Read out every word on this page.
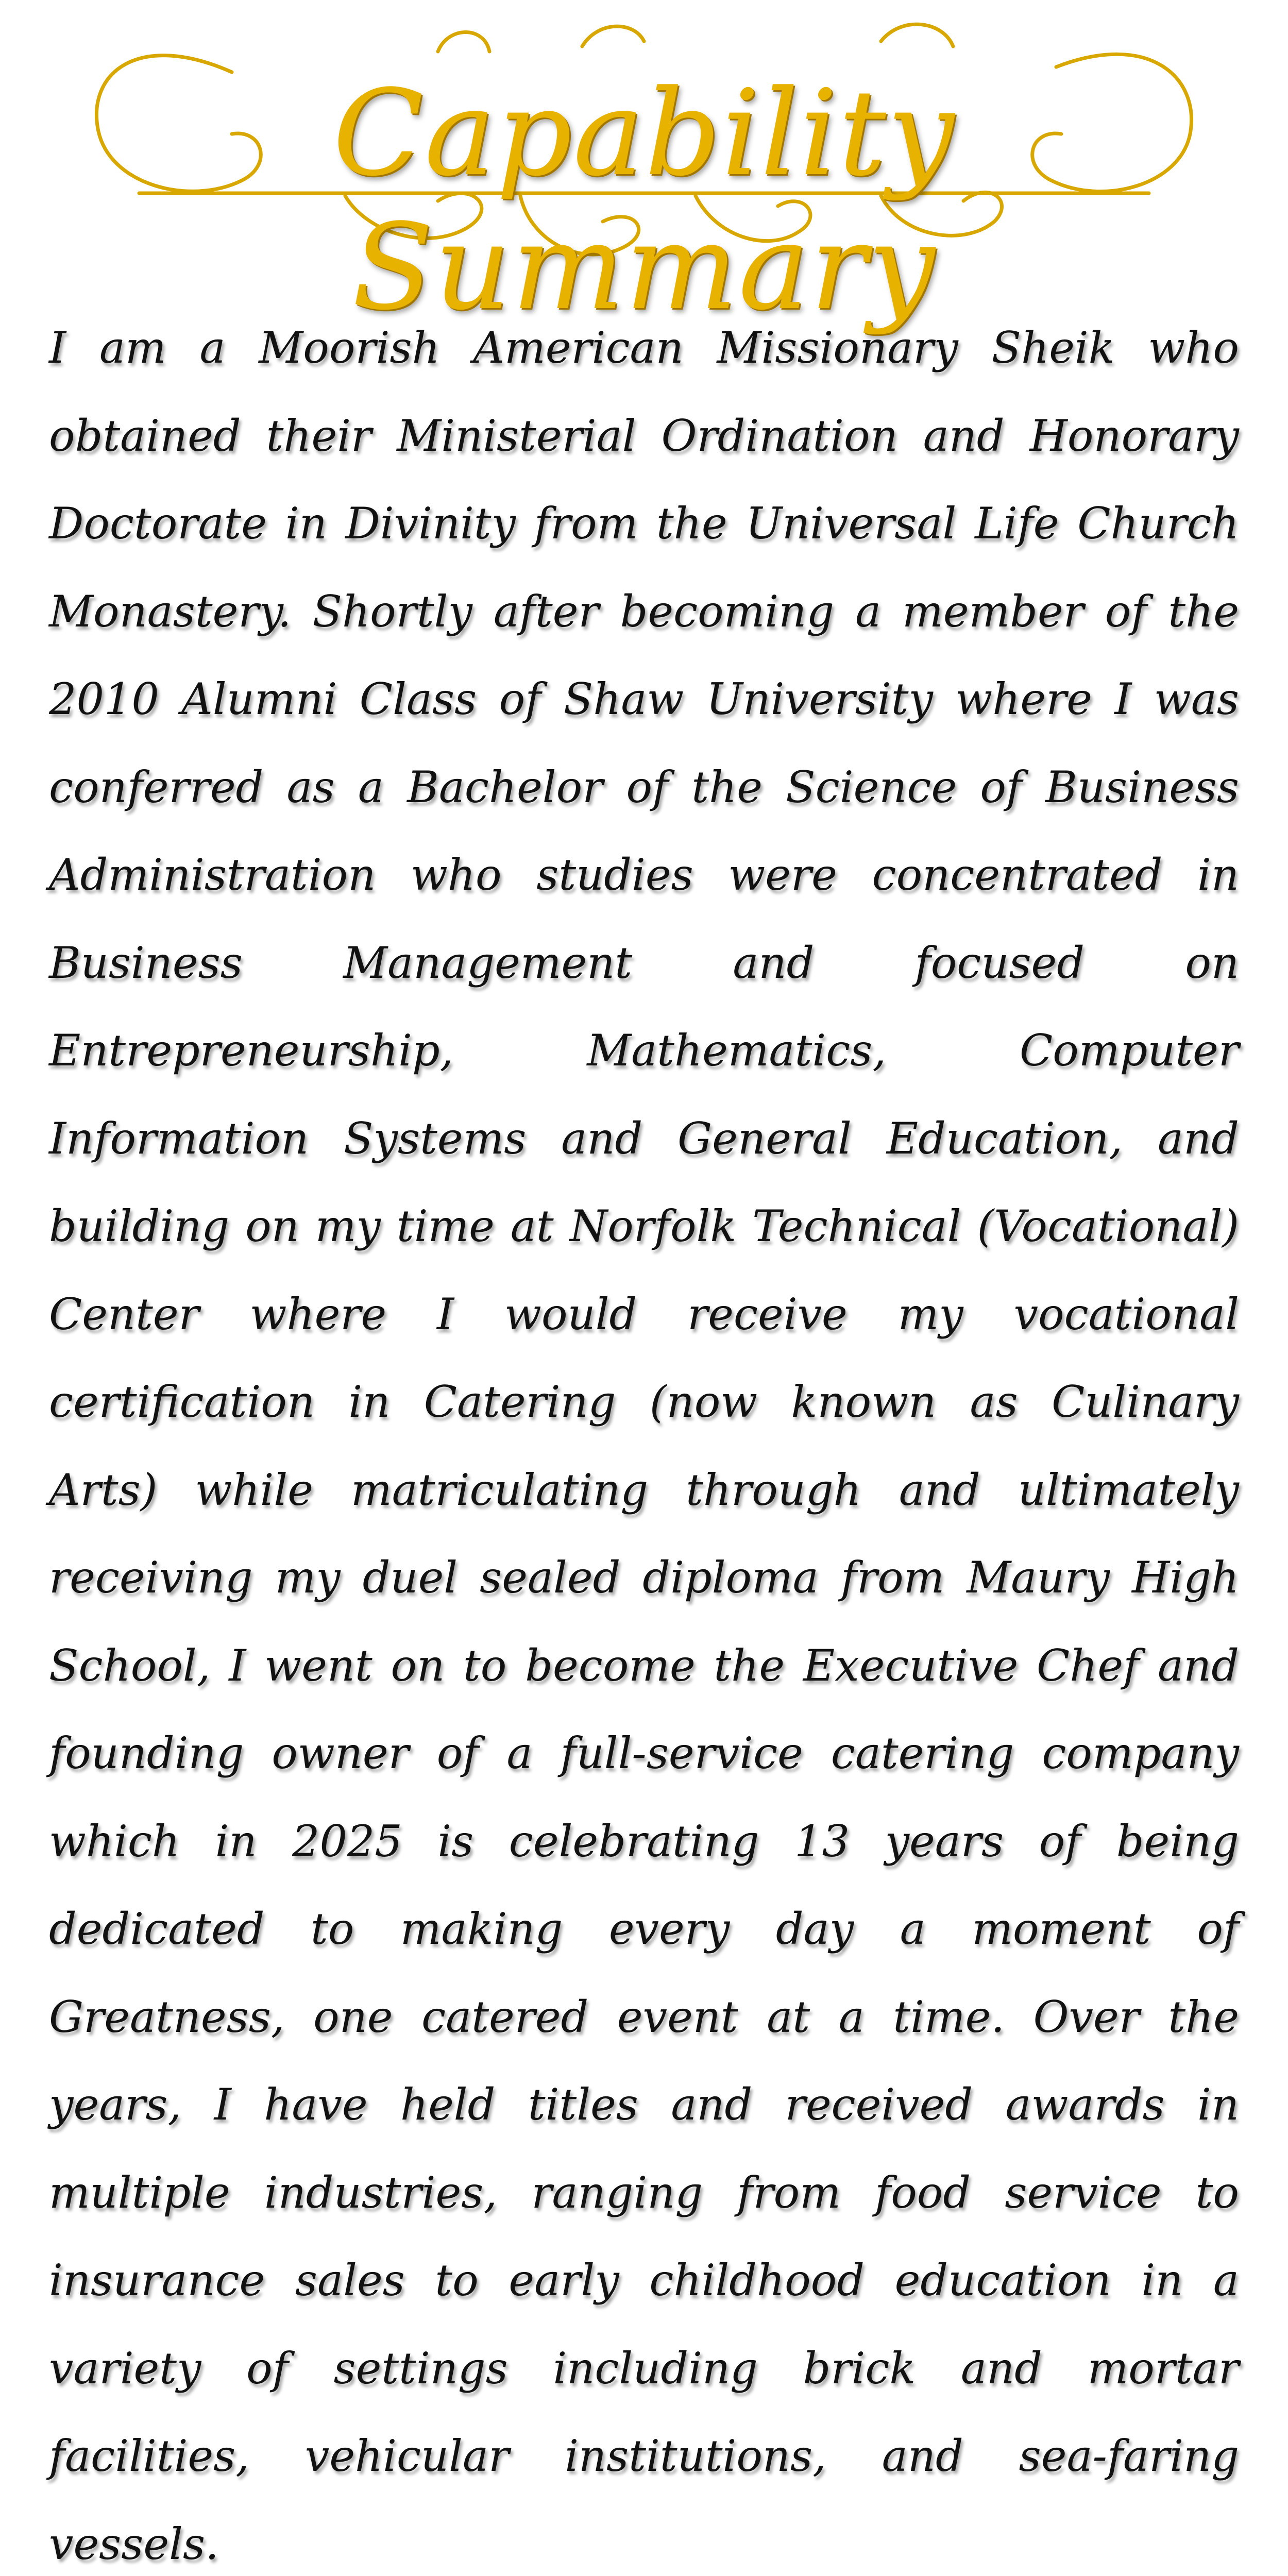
Capability Summary

I am a Moorish American Missionary Sheik who obtained their Ministerial Ordination and Honorary Doctorate in Divinity from the Universal Life Church Monastery. Shortly after becoming a member of the 2010 Alumni Class of Shaw University where I was conferred as a Bachelor of the Science of Business Administration who studies were concentrated in Business Management and focused on Entrepreneurship, Mathematics, Computer Information Systems and General Education, and building on my time at Norfolk Technical (Vocational) Center where I would receive my vocational certification in Catering (now known as Culinary Arts) while matriculating through and ultimately receiving my duel sealed diploma from Maury High School, I went on to become the Executive Chef and founding owner of a full-service catering company which in 2025 is celebrating 13 years of being dedicated to making every day a moment of Greatness, one catered event at a time. Over the years, I have held titles and received awards in multiple industries, ranging from food service to insurance sales to early childhood education in a variety of settings including brick and mortar facilities, vehicular institutions, and sea-faring vessels.
